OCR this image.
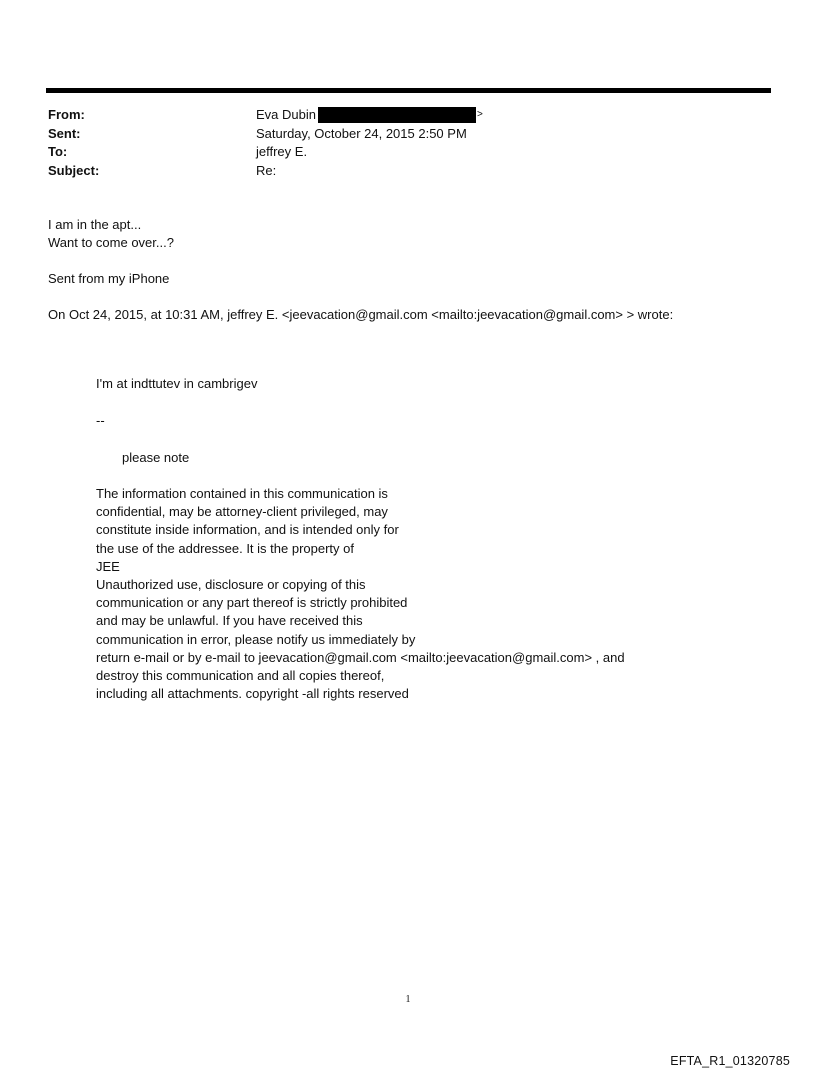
From:	Eva Dubin	>
Sent:	Saturday, October 24, 2015 2:50 PM
To:	jeffrey E.
Subject:	Re:
I am in the apt...
Want to come over...?
Sent from my iPhone
On Oct 24, 2015, at 10:31 AM, jeffrey E. <jeevacation@gmail.com <mailto:jeevacation@gmail.com> > wrote:
I'm at indttutev in cambrigev
--
please note
The information contained in this communication is
confidential, may be attorney-client privileged, may
constitute inside information, and is intended only for
the use of the addressee. It is the property of
JEE
Unauthorized use, disclosure or copying of this
communication or any part thereof is strictly prohibited
and may be unlawful. If you have received this
communication in error, please notify us immediately by
return e-mail or by e-mail to jeevacation@gmail.com <mailto:jeevacation@gmail.com> , and
destroy this communication and all copies thereof,
including all attachments. copyright -all rights reserved
1
EFTA_R1_01320785
